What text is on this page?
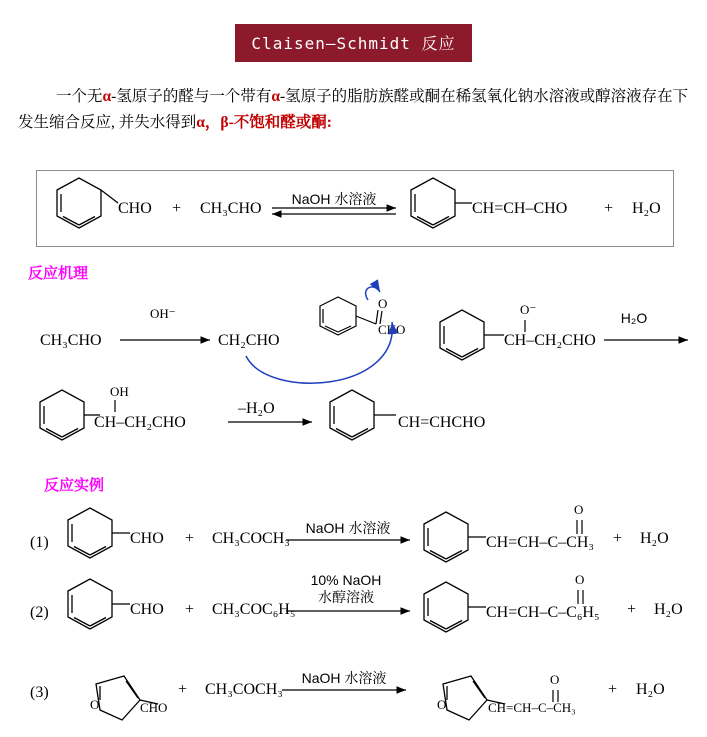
Claisen—Schmidt 反应
一个无α-氢原子的醛与一个带有α-氢原子的脂肪族醛或酮在稀氢氧化钠水溶液或醇溶液存在下发生缩合反应, 并失水得到α，β-不饱和醛或酮:
CHO + CH₃CHO
NaOH 水溶液
CH=CH–CHO + H₂O
反应机理
CH₃CHO
OH⁻
CH₂CHO
O
CHO
O⁻
CH–CH₂CHO
H₂O
OH
CH–CH₂CHO
–H₂O
CH=CHCHO
反应实例
(1)	CHO + CH₃COCH₃
NaOH 水溶液
CH=CH–C–CH₃
O
+ H₂O
(2)	CHO + CH₃COC₆H₅
10% NaOH
水醇溶液
CH=CH–C–C₆H₅
O
+ H₂O
(3)
CHO
O
+ CH₃COCH₃
NaOH 水溶液
CH=CH–C–CH₃
O
O
+ H₂O
